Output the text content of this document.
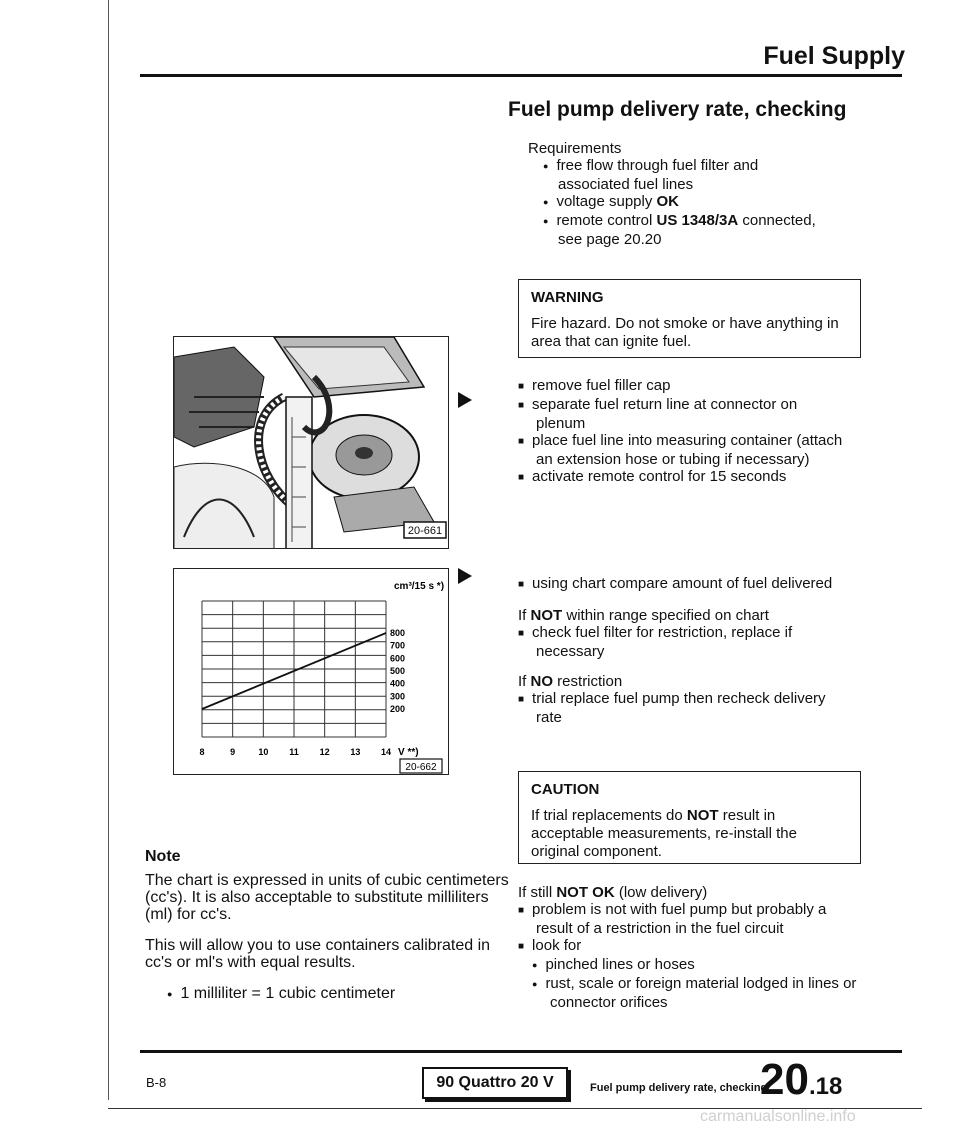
Fuel Supply
Fuel pump delivery rate, checking
Requirements
● free flow through fuel filter and
associated fuel lines
● voltage supply OK
● remote control US 1348/3A connected,
see page 20.20
WARNING
Fire hazard. Do not smoke or have anything in area that can ignite fuel.
■ remove fuel filler cap
■ separate fuel return line at connector on plenum
■ place fuel line into measuring container (attach an extension hose or tubing if necessary)
■ activate remote control for 15 seconds
20-661
800
700
600
500
400
300
200
8	9	10 11 12 13 14
cm³/15 s *)
V **)
20-662
■ using chart compare amount of fuel delivered
If NOT within range specified on chart
■ check fuel filter for restriction, replace if necessary
If NO restriction
■ trial replace fuel pump then recheck delivery rate
CAUTION
If trial replacements do NOT result in acceptable measurements, re-install the original component.
If still NOT OK (low delivery)
■ problem is not with fuel pump but probably a result of a restriction in the fuel circuit
■ look for
● pinched lines or hoses
● rust, scale or foreign material lodged in lines or connector orifices
Note
The chart is expressed in units of cubic centimeters (cc's). It is also acceptable to substitute milliliters (ml) for cc's.
This will allow you to use containers calibrated in cc's or ml's with equal results.
● 1 milliliter = 1 cubic centimeter
B-8	90 Quattro 20 V	Fuel pump delivery rate, checking
20.18
carmanualsonline.info
